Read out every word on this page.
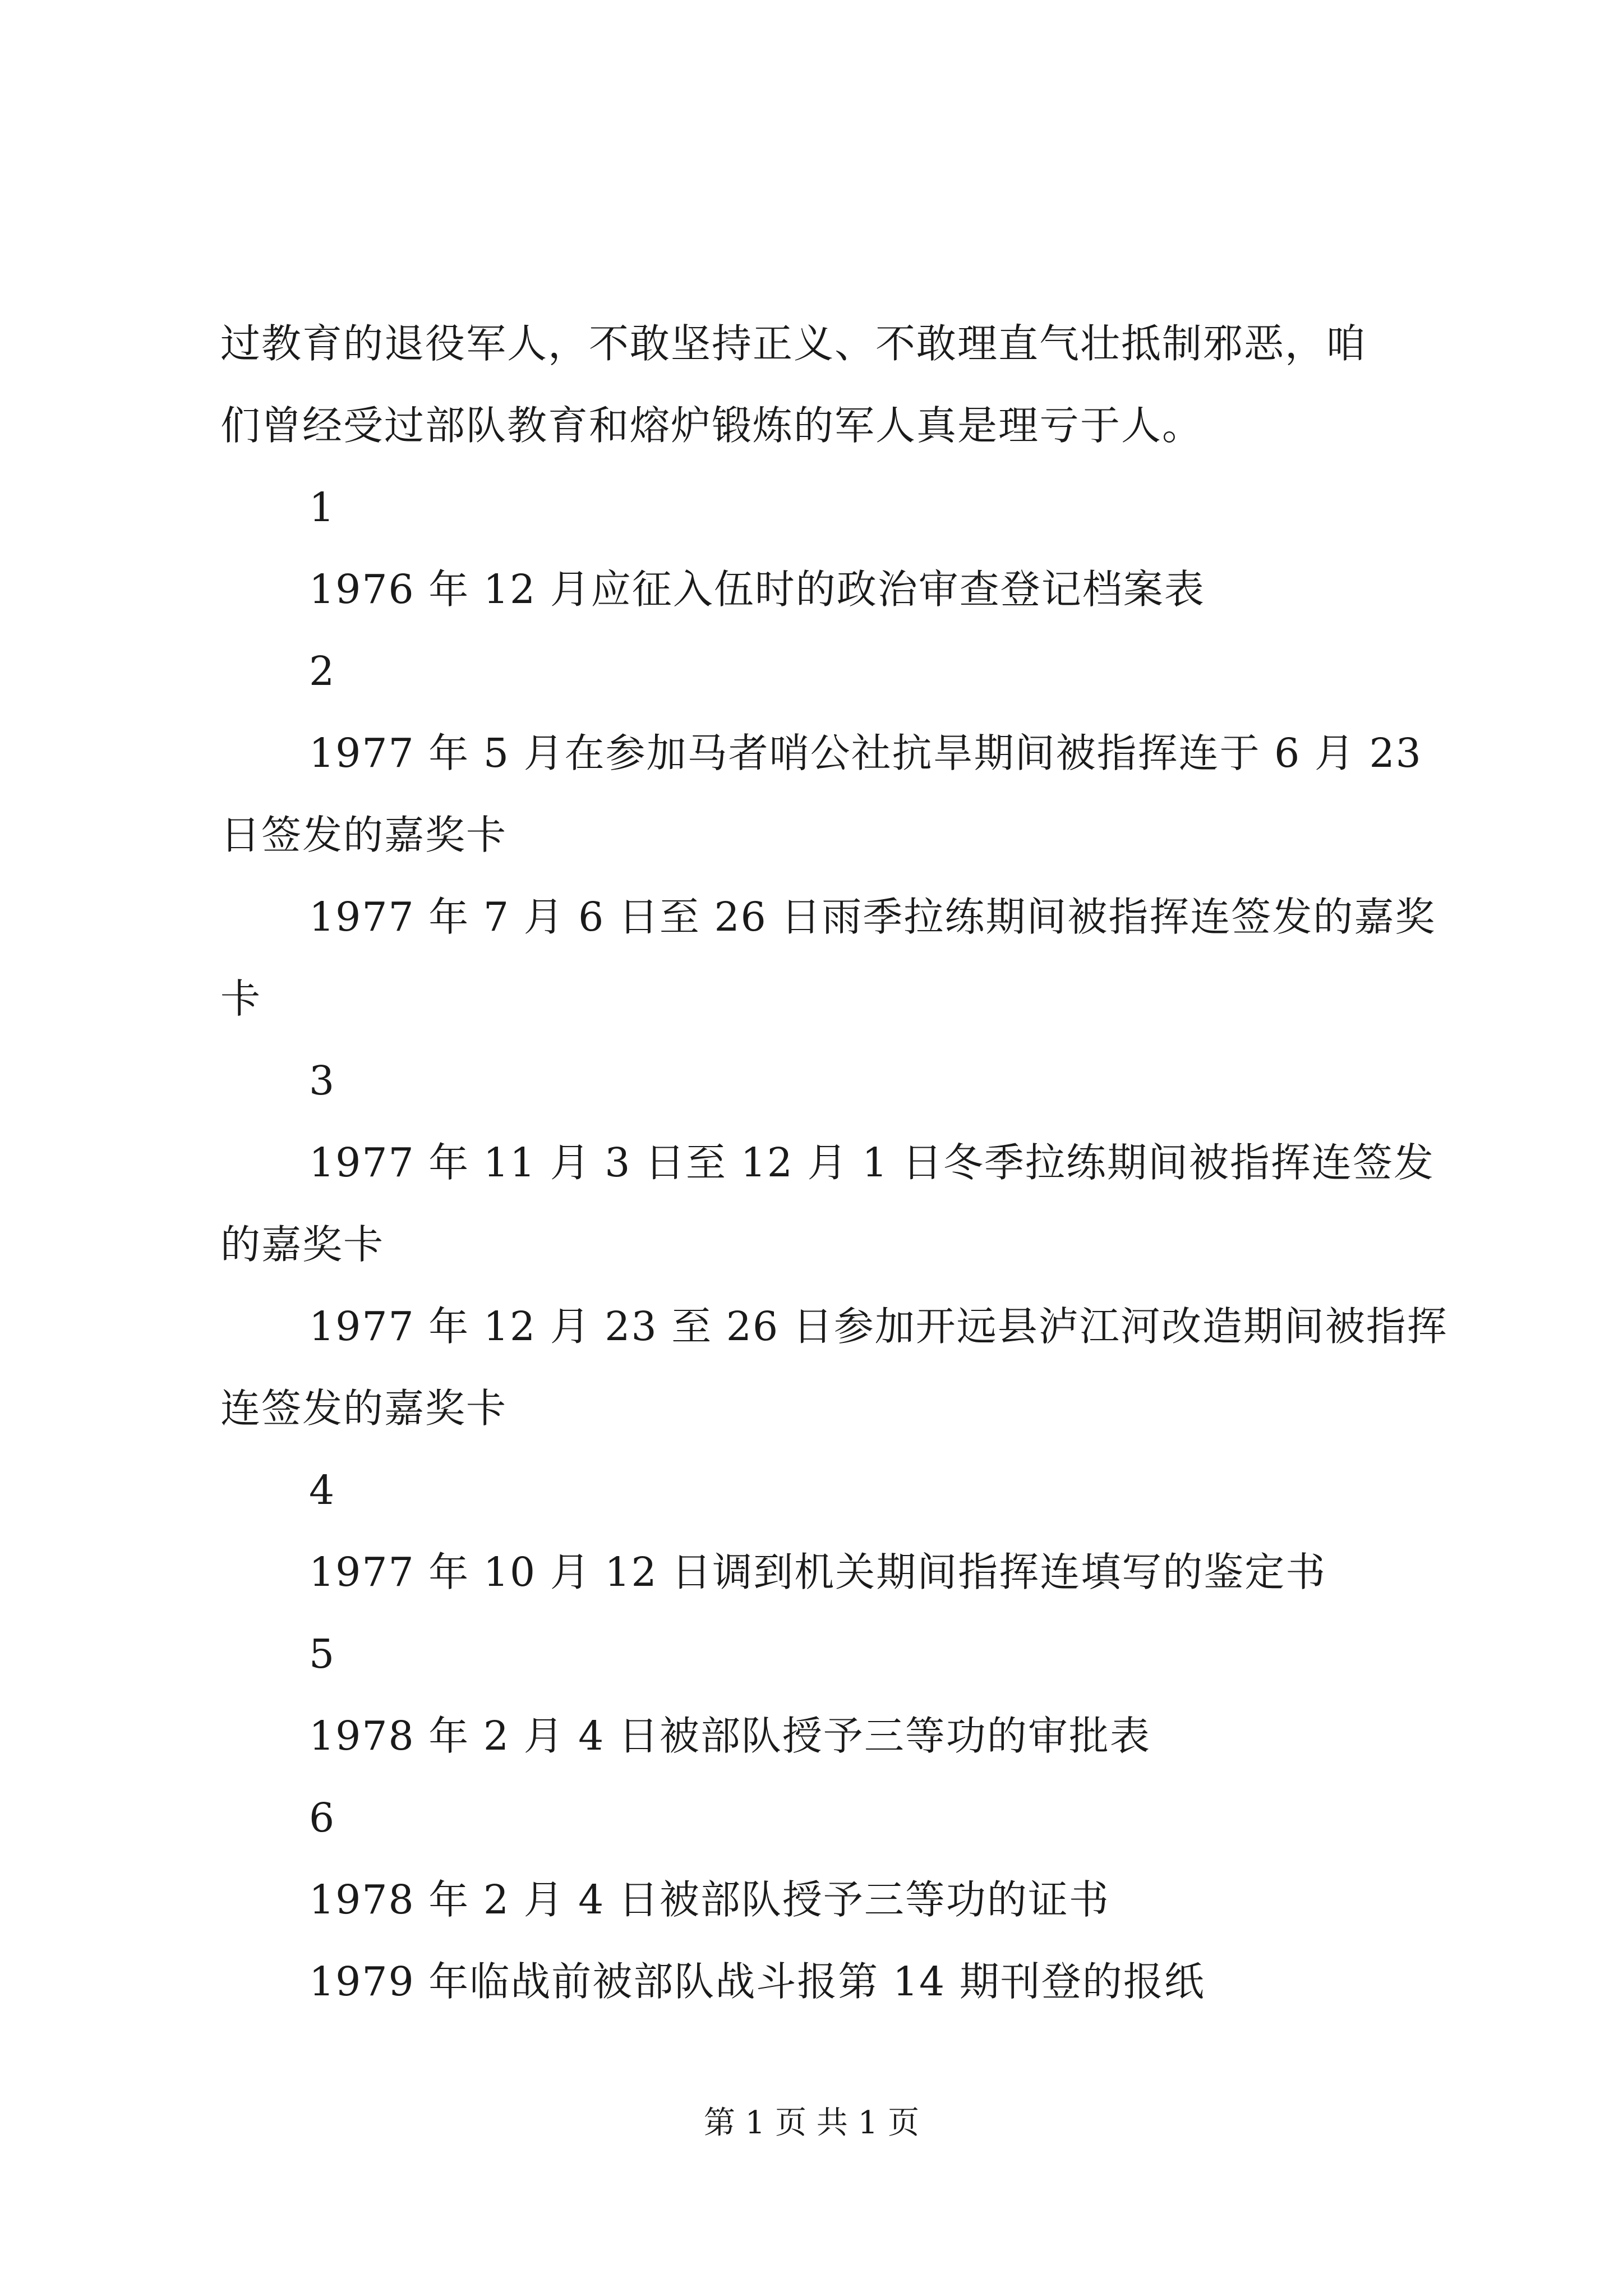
过教育的退役军人，不敢坚持正义、不敢理直气壮抵制邪恶，咱
们曾经受过部队教育和熔炉锻炼的军人真是理亏于人。
1
1976 年 12 月应征入伍时的政治审查登记档案表
2
1977 年 5 月在参加马者哨公社抗旱期间被指挥连于 6 月 23
日签发的嘉奖卡
1977 年 7 月 6 日至 26 日雨季拉练期间被指挥连签发的嘉奖
卡
3
1977 年 11 月 3 日至 12 月 1 日冬季拉练期间被指挥连签发
的嘉奖卡
1977 年 12 月 23 至 26 日参加开远县泸江河改造期间被指挥
连签发的嘉奖卡
4
1977 年 10 月 12 日调到机关期间指挥连填写的鉴定书
5
1978 年 2 月 4 日被部队授予三等功的审批表
6
1978 年 2 月 4 日被部队授予三等功的证书
1979 年临战前被部队战斗报第 14 期刊登的报纸
第 1 页 共 1 页
